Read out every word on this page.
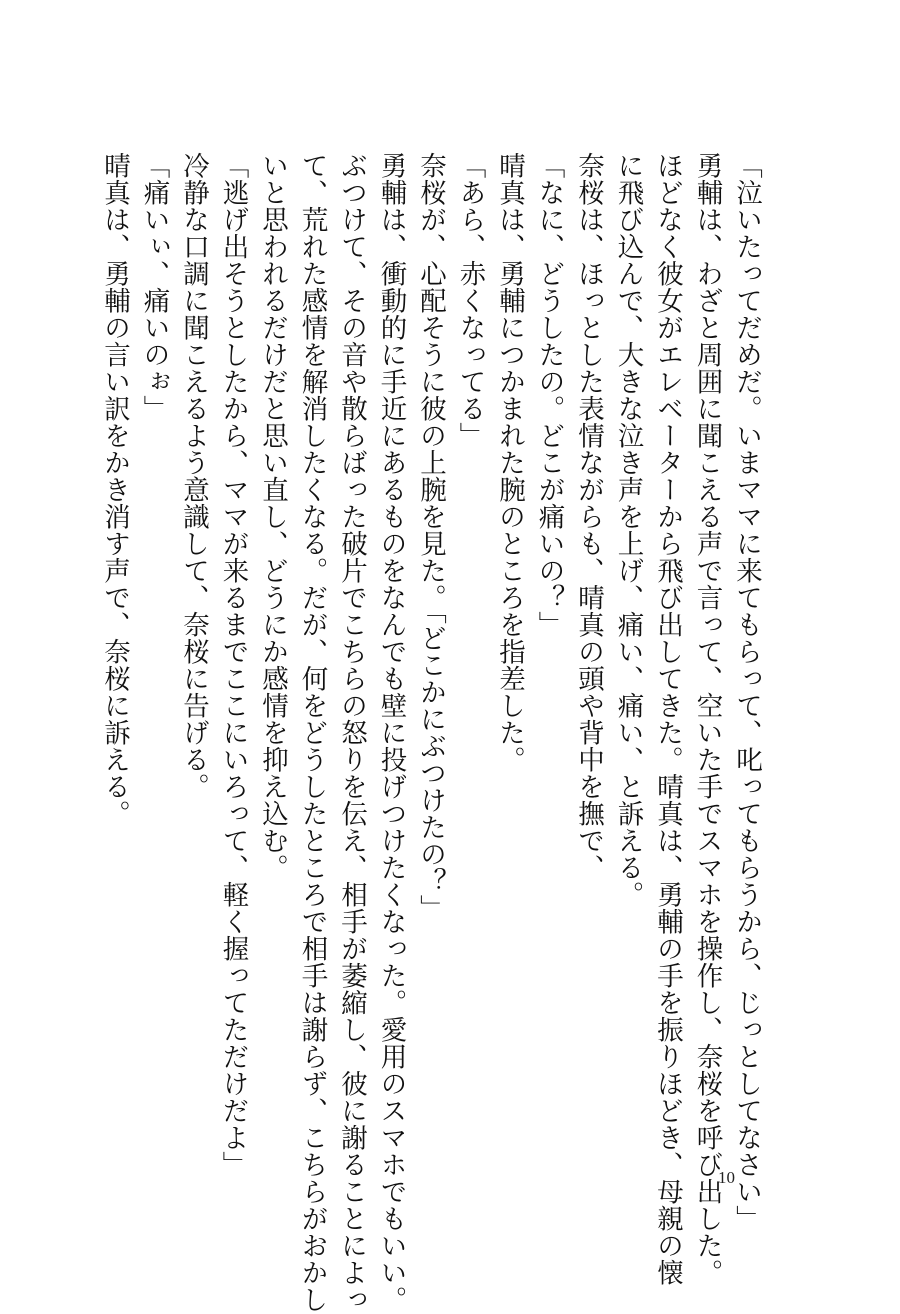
「泣いたってだめだ。いまママに来てもらって、叱ってもらうから、じっとしてなさい」
勇輔は、わざと周囲に聞こえる声で言って、空いた手でスマホを操作し、奈桜を呼び出した。
ほどなく彼女がエレベーターから飛び出してきた。晴真は、勇輔の手を振りほどき、母親の懐
に飛び込んで、大きな泣き声を上げ、痛い、痛い、と訴える。
奈桜は、ほっとした表情ながらも、晴真の頭や背中を撫で、
「なに、どうしたの。どこが痛いの？」
晴真は、勇輔につかまれた腕のところを指差した。
「あら、赤くなってる」
奈桜が、心配そうに彼の上腕を見た。「どこかにぶつけたの？」
勇輔は、衝動的に手近にあるものをなんでも壁に投げつけたくなった。愛用のスマホでもいい。
ぶつけて、その音や散らばった破片でこちらの怒りを伝え、相手が萎縮し、彼に謝ることによっ
て、荒れた感情を解消したくなる。だが、何をどうしたところで相手は謝らず、こちらがおかし
いと思われるだけだと思い直し、どうにか感情を抑え込む。
「逃げ出そうとしたから、ママが来るまでここにいろって、軽く握ってただけだよ」
冷静な口調に聞こえるよう意識して、奈桜に告げる。
「痛いぃ、痛いのぉ」
晴真は、勇輔の言い訳をかき消す声で、奈桜に訴える。
10
